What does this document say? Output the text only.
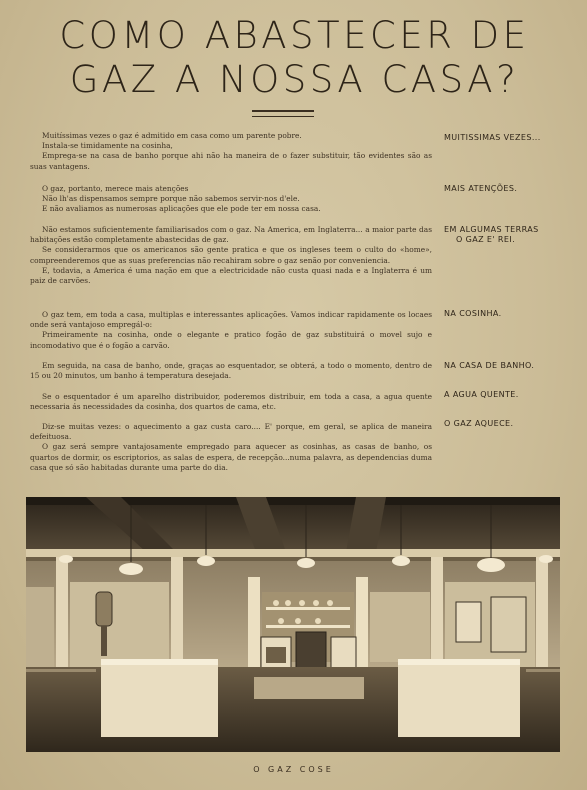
COMO ABASTECER DE
GAZ A NOSSA CASA?
Muitíssimas vezes o gaz é admitido em casa como um parente pobre.
Instala-se timidamente na cosinha,
Emprega-se na casa de banho porque ahi não ha maneira de o fazer substituir, tão evidentes são as suas vantagens.
O gaz, portanto, merece mais atenções
Não lh'as dispensamos sempre porque não sabemos servir-nos d'ele.
E não avaliamos as numerosas aplicações que ele pode ter em nossa casa.
Não estamos suficientemente familiarisados com o gaz. Na America, em Inglaterra... a maior parte das habitações estão completamente abastecidas de gaz.
Se considerarmos que os americanos são gente pratica e que os ingleses teem o culto do «home», compreenderemos que as suas preferencias não recahiram sobre o gaz senão por conveniencia.
E, todavia, a America é uma nação em que a electricidade não custa quasi nada e a Inglaterra é um paiz de carvões.
O gaz tem, em toda a casa, multiplas e interessantes aplicações. Vamos indicar rapidamente os locaes onde será vantajoso empregál-o:
Primeiramente na cosinha, onde o elegante e pratico fogão de gaz substituirá o movel sujo e incomodativo que é o fogão a carvão.
Em seguida, na casa de banho, onde, graças ao esquentador, se obterá, a todo o momento, dentro de 15 ou 20 minutos, um banho á temperatura desejada.
Se o esquentador é um aparelho distribuidor, poderemos distribuir, em toda a casa, a agua quente necessaria ás necessidades da cosinha, dos quartos de cama, etc.
Diz-se muitas vezes: o aquecimento a gaz custa caro.... E' porque, em geral, se aplica de maneira defeituosa.
O gaz será sempre vantajosamente empregado para aquecer as cosinhas, as casas de banho, os quartos de dormir, os escriptorios, as salas de espera, de recepção...numa palavra, as dependencias duma casa que só são habitadas durante uma parte do dia.
MUITISSIMAS VEZES...
MAIS ATENÇÕES.
EM ALGUMAS TERRAS
O GAZ E' REI.
NA COSINHA.
NA CASA DE BANHO.
A AGUA QUENTE.
O GAZ AQUECE.

O GAZ COSE
